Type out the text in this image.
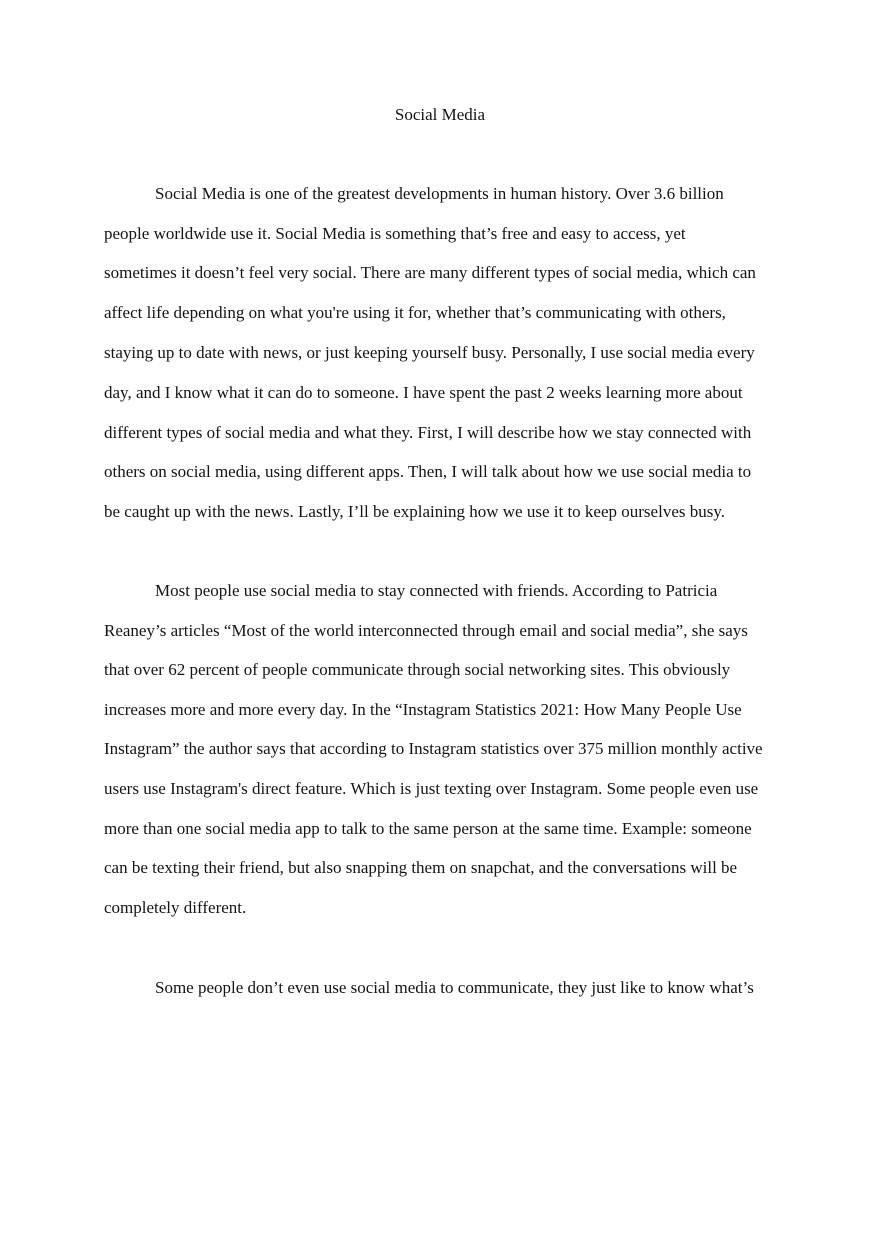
Social Media

Social Media is one of the greatest developments in human history. Over 3.6 billion

people worldwide use it. Social Media is something that’s free and easy to access, yet

sometimes it doesn’t feel very social. There are many different types of social media, which can

affect life depending on what you're using it for, whether that’s communicating with others,

staying up to date with news, or just keeping yourself busy. Personally, I use social media every

day, and I know what it can do to someone. I have spent the past 2 weeks learning more about

different types of social media and what they. First, I will describe how we stay connected with

others on social media, using different apps. Then, I will talk about how we use social media to

be caught up with the news. Lastly, I’ll be explaining how we use it to keep ourselves busy.

Most people use social media to stay connected with friends. According to Patricia

Reaney’s articles “Most of the world interconnected through email and social media”, she says

that over 62 percent of people communicate through social networking sites. This obviously

increases more and more every day. In the “Instagram Statistics 2021: How Many People Use

Instagram” the author says that according to Instagram statistics over 375 million monthly active

users use Instagram's direct feature. Which is just texting over Instagram. Some people even use

more than one social media app to talk to the same person at the same time. Example: someone

can be texting their friend, but also snapping them on snapchat, and the conversations will be

completely different.

Some people don’t even use social media to communicate, they just like to know what’s
